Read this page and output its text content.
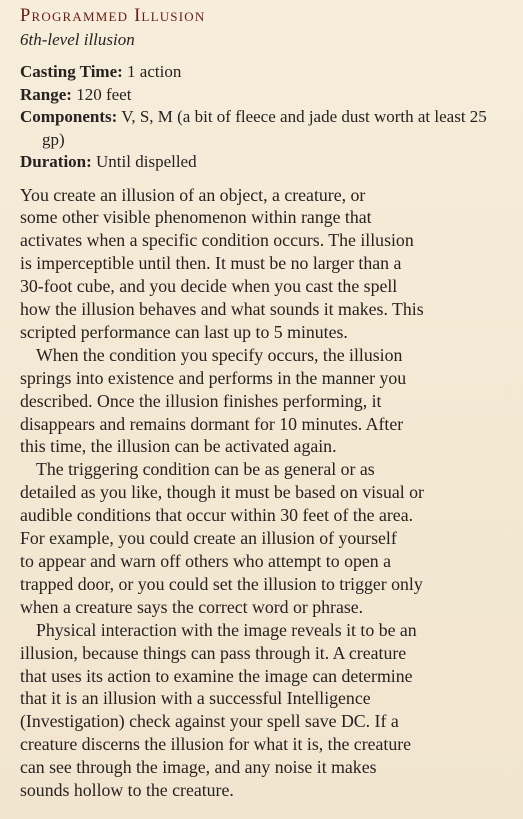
Programmed Illusion

6th-level illusion

Casting Time: 1 action
Range: 120 feet
Components: V, S, M (a bit of fleece and jade dust worth at least 25 gp)
Duration: Until dispelled

You create an illusion of an object, a creature, or
some other visible phenomenon within range that
activates when a specific condition occurs. The illusion
is imperceptible until then. It must be no larger than a
30-foot cube, and you decide when you cast the spell
how the illusion behaves and what sounds it makes. This
scripted performance can last up to 5 minutes.

When the condition you specify occurs, the illusion
springs into existence and performs in the manner you
described. Once the illusion finishes performing, it
disappears and remains dormant for 10 minutes. After
this time, the illusion can be activated again.

The triggering condition can be as general or as
detailed as you like, though it must be based on visual or
audible conditions that occur within 30 feet of the area.
For example, you could create an illusion of yourself
to appear and warn off others who attempt to open a
trapped door, or you could set the illusion to trigger only
when a creature says the correct word or phrase.

Physical interaction with the image reveals it to be an
illusion, because things can pass through it. A creature
that uses its action to examine the image can determine
that it is an illusion with a successful Intelligence
(Investigation) check against your spell save DC. If a
creature discerns the illusion for what it is, the creature
can see through the image, and any noise it makes
sounds hollow to the creature.
